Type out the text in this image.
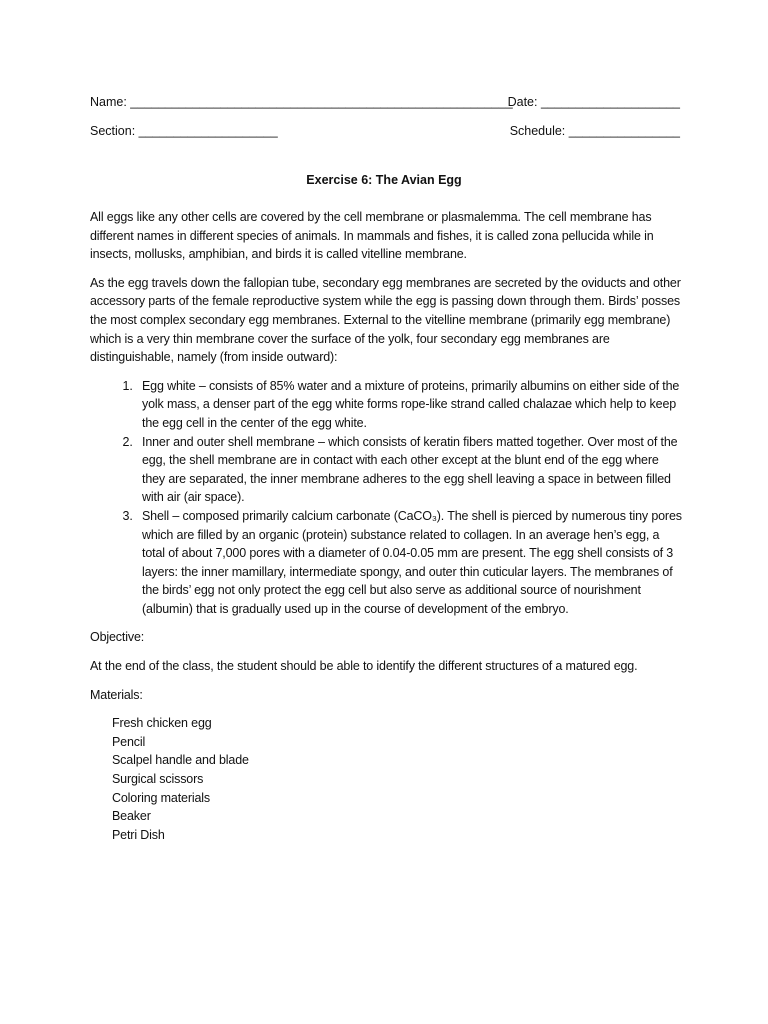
Name: _______________________________________________________
Date: ____________________
Section: ____________________	Schedule: ________________
Exercise 6: The Avian Egg

All eggs like any other cells are covered by the cell membrane or plasmalemma. The cell membrane has different names in different species of animals. In mammals and fishes, it is called zona pellucida while in insects, mollusks, amphibian, and birds it is called vitelline membrane.

As the egg travels down the fallopian tube, secondary egg membranes are secreted by the oviducts and other accessory parts of the female reproductive system while the egg is passing down through them. Birds’ posses the most complex secondary egg membranes. External to the vitelline membrane (primarily egg membrane) which is a very thin membrane cover the surface of the yolk, four secondary egg membranes are distinguishable, namely (from inside outward):

1. Egg white – consists of 85% water and a mixture of proteins, primarily albumins on either side of the yolk mass, a denser part of the egg white forms rope-like strand called chalazae which help to keep the egg cell in the center of the egg white.
2. Inner and outer shell membrane – which consists of keratin fibers matted together. Over most of the egg, the shell membrane are in contact with each other except at the blunt end of the egg where they are separated, the inner membrane adheres to the egg shell leaving a space in between filled with air (air space).
3. Shell – composed primarily calcium carbonate (CaCO₃). The shell is pierced by numerous tiny pores which are filled by an organic (protein) substance related to collagen. In an average hen’s egg, a total of about 7,000 pores with a diameter of 0.04-0.05 mm are present. The egg shell consists of 3 layers: the inner mamillary, intermediate spongy, and outer thin cuticular layers. The membranes of the birds’ egg not only protect the egg cell but also serve as additional source of nourishment (albumin) that is gradually used up in the course of development of the embryo.

Objective:

At the end of the class, the student should be able to identify the different structures of a matured egg.

Materials:

Fresh chicken egg
Pencil
Scalpel handle and blade
Surgical scissors
Coloring materials
Beaker
Petri Dish
